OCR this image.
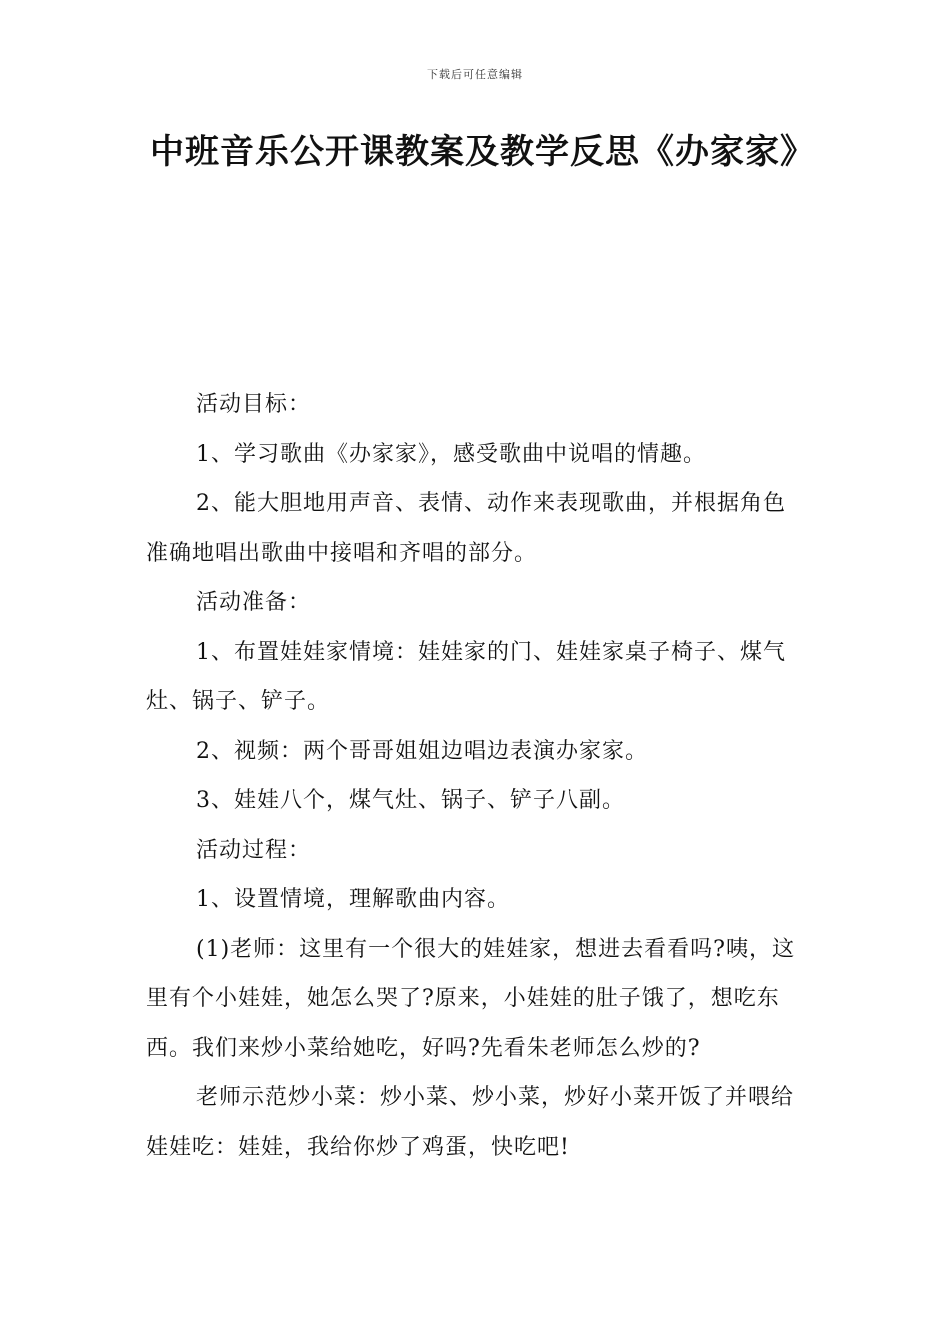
下载后可任意编辑
中班音乐公开课教案及教学反思《办家家》

活动目标：

1、学习歌曲《办家家》，感受歌曲中说唱的情趣。

2、能大胆地用声音、表情、动作来表现歌曲，并根据角色准确地唱出歌曲中接唱和齐唱的部分。

活动准备：

1、布置娃娃家情境：娃娃家的门、娃娃家桌子椅子、煤气灶、锅子、铲子。

2、视频：两个哥哥姐姐边唱边表演办家家。

3、娃娃八个，煤气灶、锅子、铲子八副。

活动过程：

1、设置情境，理解歌曲内容。

(1)老师：这里有一个很大的娃娃家，想进去看看吗?咦，这里有个小娃娃，她怎么哭了?原来，小娃娃的肚子饿了，想吃东西。我们来炒小菜给她吃，好吗?先看朱老师怎么炒的?

老师示范炒小菜：炒小菜、炒小菜，炒好小菜开饭了并喂给娃娃吃：娃娃，我给你炒了鸡蛋，快吃吧!
